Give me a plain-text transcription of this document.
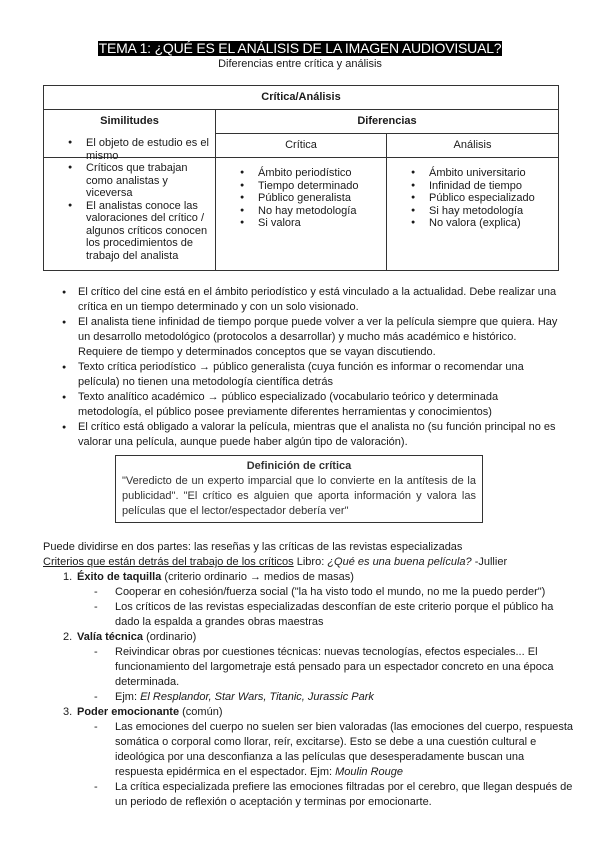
TEMA 1: ¿QUÉ ES EL ANÁLISIS DE LA IMAGEN AUDIOVISUAL?
Diferencias entre crítica y análisis
Crítica/Análisis		

Similitudes	Diferencias	
	Crítica	Análisis

● El objeto de estudio es el mismo
● Críticos que trabajan como analistas y viceversa
● El analistas conoce las valoraciones del crítico / algunos críticos conocen los procedimientos de trabajo del analista

● Ámbito periodístico
● Tiempo determinado
● Público generalista
● No hay metodología
● Si valora

● Ámbito universitario
● Infinidad de tiempo
● Público especializado
● Si hay metodología
● No valora (explica)
● El crítico del cine está en el ámbito periodístico y está vinculado a la actualidad. Debe realizar una crítica en un tiempo determinado y con un solo visionado.
● El analista tiene infinidad de tiempo porque puede volver a ver la película siempre que quiera. Hay un desarrollo metodológico (protocolos a desarrollar) y mucho más académico e histórico. Requiere de tiempo y determinados conceptos que se vayan discutiendo.
● Texto crítica periodístico → público generalista (cuya función es informar o recomendar una película) no tienen una metodología científica detrás
● Texto analítico académico → público especializado (vocabulario teórico y determinada metodología, el público posee previamente diferentes herramientas y conocimientos)
● El crítico está obligado a valorar la película, mientras que el analista no (su función principal no es valorar una película, aunque puede haber algún tipo de valoración).
Definición de crítica
"Veredicto de un experto imparcial que lo convierte en la antítesis de la publicidad". "El crítico es alguien que aporta información y valora las películas que el lector/espectador debería ver"
Puede dividirse en dos partes: las reseñas y las críticas de las revistas especializadas
Criterios que están detrás del trabajo de los críticos Libro: ¿Qué es una buena película? -Jullier
1. Éxito de taquilla (criterio ordinario → medios de masas)
- Cooperar en cohesión/fuerza social ("la ha visto todo el mundo, no me la puedo perder")
- Los críticos de las revistas especializadas desconfían de este criterio porque el público ha dado la espalda a grandes obras maestras
2. Valía técnica (ordinario)
- Reivindicar obras por cuestiones técnicas: nuevas tecnologías, efectos especiales... El funcionamiento del largometraje está pensado para un espectador concreto en una época determinada.
- Ejm: El Resplandor, Star Wars, Titanic, Jurassic Park
3. Poder emocionante (común)
- Las emociones del cuerpo no suelen ser bien valoradas (las emociones del cuerpo, respuesta somática o corporal como llorar, reír, excitarse). Esto se debe a una cuestión cultural e ideológica por una desconfianza a las películas que desesperadamente buscan una respuesta epidérmica en el espectador. Ejm: Moulin Rouge
- La crítica especializada prefiere las emociones filtradas por el cerebro, que llegan después de un periodo de reflexión o aceptación y terminas por emocionarte.
